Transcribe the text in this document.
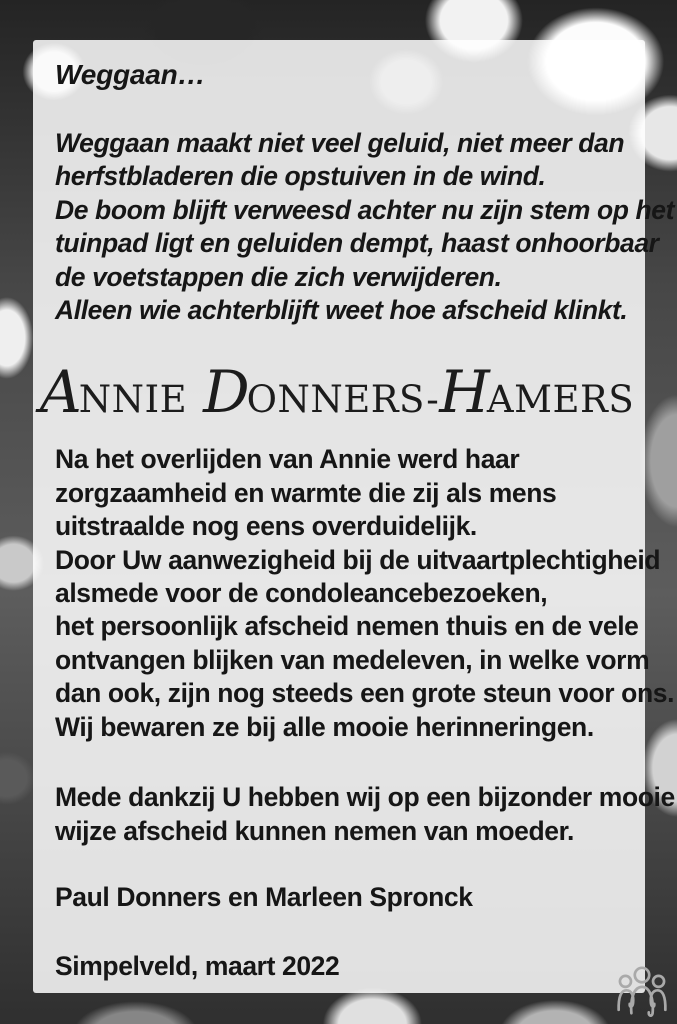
Weggaan…
Weggaan maakt niet veel geluid, niet meer dan
herfstbladeren die opstuiven in de wind.
De boom blijft verweesd achter nu zijn stem op het
tuinpad ligt en geluiden dempt, haast onhoorbaar
de voetstappen die zich verwijderen.
Alleen wie achterblijft weet hoe afscheid klinkt.
A
NNIE D
ONNERS- H
AMERS
Na het overlijden van Annie werd haar
zorgzaamheid en warmte die zij als mens
uitstraalde nog eens overduidelijk.
Door Uw aanwezigheid bij de uitvaartplechtigheid
alsmede voor de condoleancebezoeken,
het persoonlijk afscheid nemen thuis en de vele
ontvangen blijken van medeleven, in welke vorm
dan ook, zijn nog steeds een grote steun voor ons.
Wij bewaren ze bij alle mooie herinneringen.
Mede dankzij U hebben wij op een bijzonder mooie
wijze afscheid kunnen nemen van moeder.
Paul Donners en Marleen Spronck
Simpelveld, maart 2022
